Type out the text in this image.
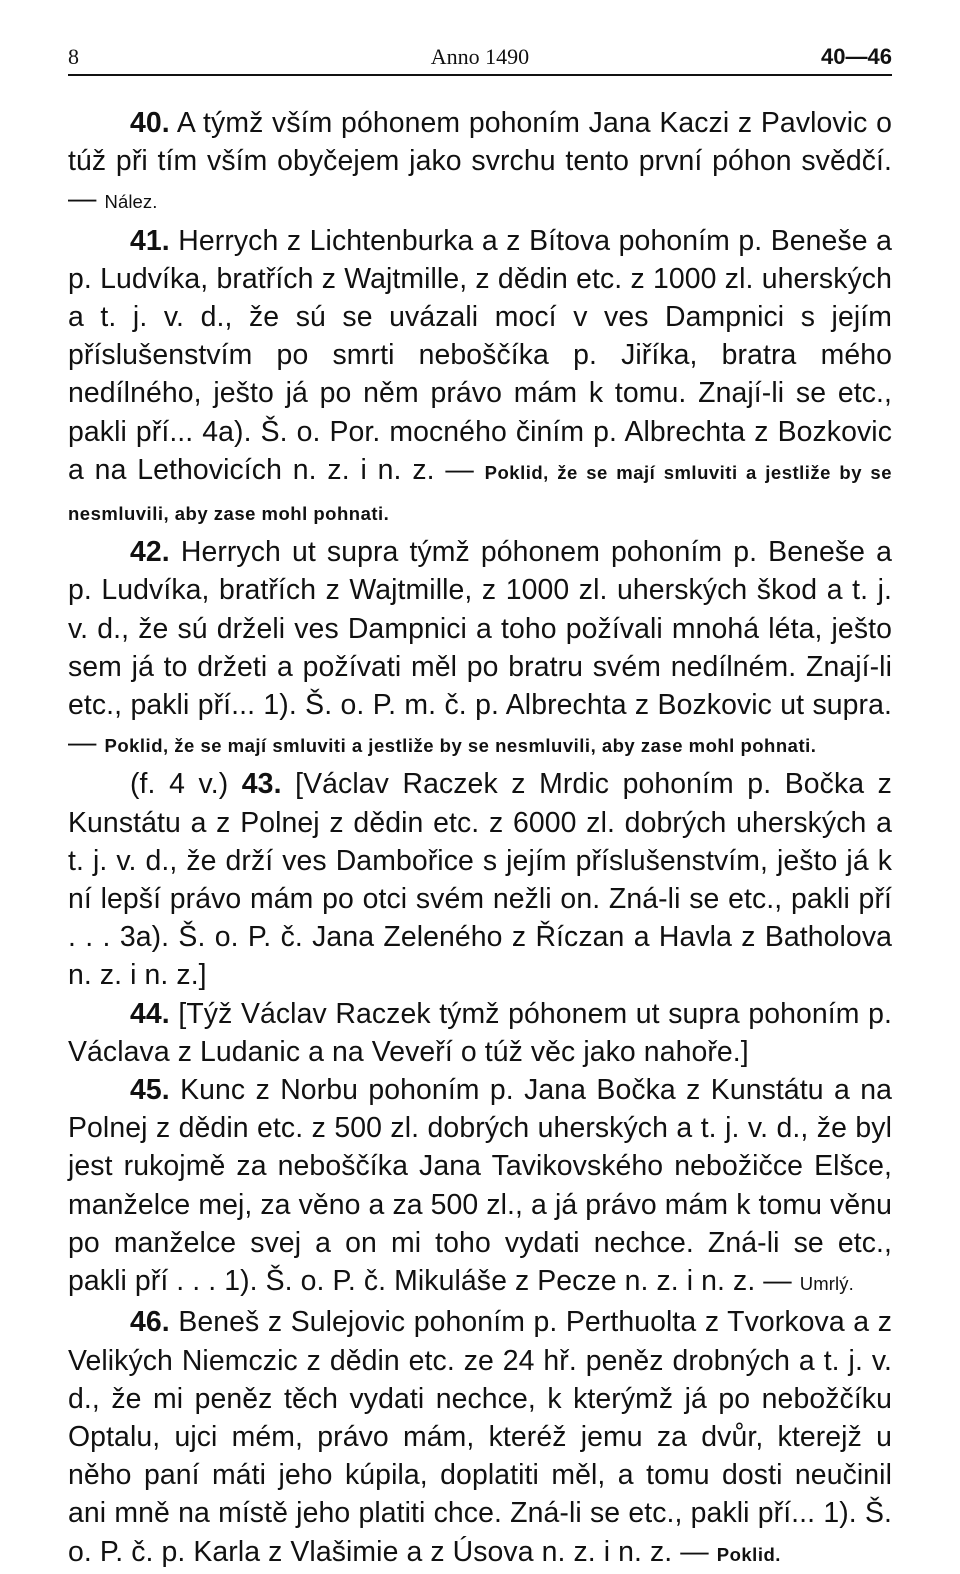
8	Anno 1490	40—46

40. A týmž vším póhonem pohoním Jana Kaczi z Pavlovic o túž při tím vším obyčejem jako svrchu tento první póhon svědčí. — Nález.

41. Herrych z Lichtenburka a z Bítova pohoním p. Beneše a p. Ludvíka, bratřích z Wajtmille, z dědin etc. z 1000 zl. uherských a t. j. v. d., že sú se uvázali mocí v ves Dampnici s jejím příslušenstvím po smrti neboščíka p. Jiříka, bratra mého nedílného, ješto já po něm právo mám k tomu. Znají-li se etc., pakli pří... 4a). Š. o. Por. mocného činím p. Albrechta z Bozkovic a na Lethovicích n. z. i n. z. — Poklid, že se mají smluviti a jestliže by se nesmluvili, aby zase mohl pohnati.

42. Herrych ut supra týmž póhonem pohoním p. Beneše a p. Ludvíka, bratřích z Wajtmille, z 1000 zl. uherských škod a t. j. v. d., že sú drželi ves Dampnici a toho požívali mnohá léta, ješto sem já to držeti a požívati měl po bratru svém nedílném. Znají-li etc., pakli pří... 1). Š. o. P. m. č. p. Albrechta z Bozkovic ut supra. — Poklid, že se mají smluviti a jestliže by se nesmluvili, aby zase mohl pohnati.

(f. 4 v.) 43. [Václav Raczek z Mrdic pohoním p. Bočka z Kunstátu a z Polnej z dědin etc. z 6000 zl. dobrých uherských a t. j. v. d., že drží ves Dambořice s jejím příslušenstvím, ješto já k ní lepší právo mám po otci svém nežli on. Zná-li se etc., pakli pří . . . 3a). Š. o. P. č. Jana Zeleného z Říczan a Havla z Batholova n. z. i n. z.]

44. [Týž Václav Raczek týmž póhonem ut supra pohoním p. Václava z Ludanic a na Veveří o túž věc jako nahoře.]

45. Kunc z Norbu pohoním p. Jana Bočka z Kunstátu a na Polnej z dědin etc. z 500 zl. dobrých uherských a t. j. v. d., že byl jest rukojmě za neboščíka Jana Tavikovského nebožičce Elšce, manželce mej, za věno a za 500 zl., a já právo mám k tomu věnu po manželce svej a on mi toho vydati nechce. Zná-li se etc., pakli pří . . . 1). Š. o. P. č. Mikuláše z Pecze n. z. i n. z. — Umrlý.

46. Beneš z Sulejovic pohoním p. Perthuolta z Tvorkova a z Velikých Niemczic z dědin etc. ze 24 hř. peněz drobných a t. j. v. d., že mi peněz těch vydati nechce, k kterýmž já po nebožčíku Optalu, ujci mém, právo mám, kteréž jemu za dvůr, kterejž u něho paní máti jeho kúpila, doplatiti měl, a tomu dosti neučinil ani mně na místě jeho platiti chce. Zná-li se etc., pakli pří... 1). Š. o. P. č. p. Karla z Vlašimie a z Úsova n. z. i n. z. — Poklid.
